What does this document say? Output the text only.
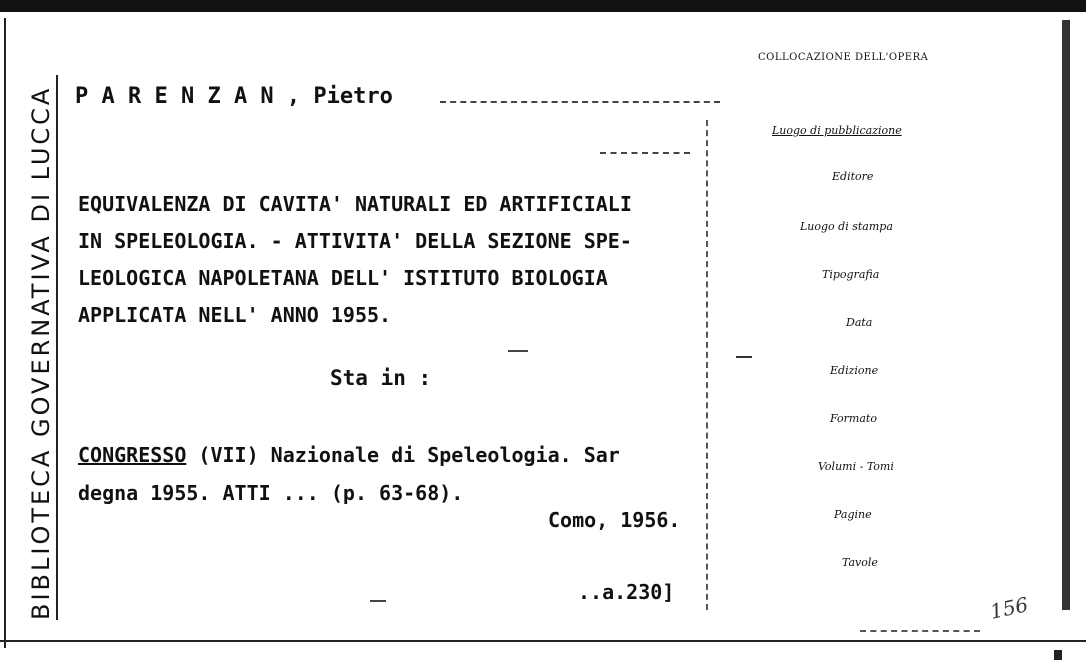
BIBLIOTECA GOVERNATIVA DI LUCCA P A R E N Z A N , Pietro
EQUIVALENZA DI CAVITA' NATURALI ED ARTIFICIALI
IN SPELEOLOGIA. - ATTIVITA' DELLA SEZIONE SPE-
LEOLOGICA NAPOLETANA DELL' ISTITUTO BIOLOGIA
APPLICATA NELL' ANNO 1955.
Sta in :
CONGRESSO (VII) Nazionale di Speleologia. Sar
degna 1955. ATTI ... (p. 63-68).
Como, 1956.
..a.230]
COLLOCAZIONE DELL'OPERA
Luogo di pubblicazione
Editore
Luogo di stampa
Tipografia
Data
Edizione
Formato
Volumi - Tomi
Pagine
Tavole
156
